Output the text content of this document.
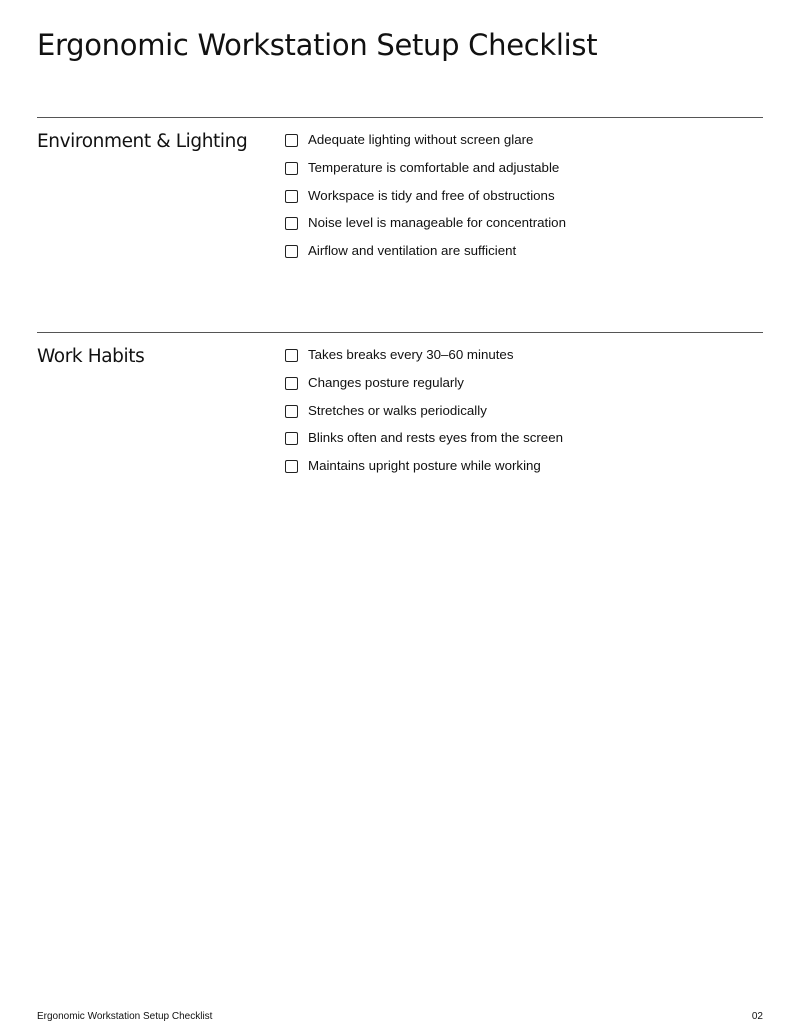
Ergonomic Workstation Setup Checklist
Environment & Lighting	Adequate lighting without screen glare
Temperature is comfortable and adjustable
Workspace is tidy and free of obstructions
Noise level is manageable for concentration
Airflow and ventilation are sufficient
Work Habits	Takes breaks every 30–60 minutes
Changes posture regularly
Stretches or walks periodically
Blinks often and rests eyes from the screen
Maintains upright posture while working
Ergonomic Workstation Setup Checklist	02
